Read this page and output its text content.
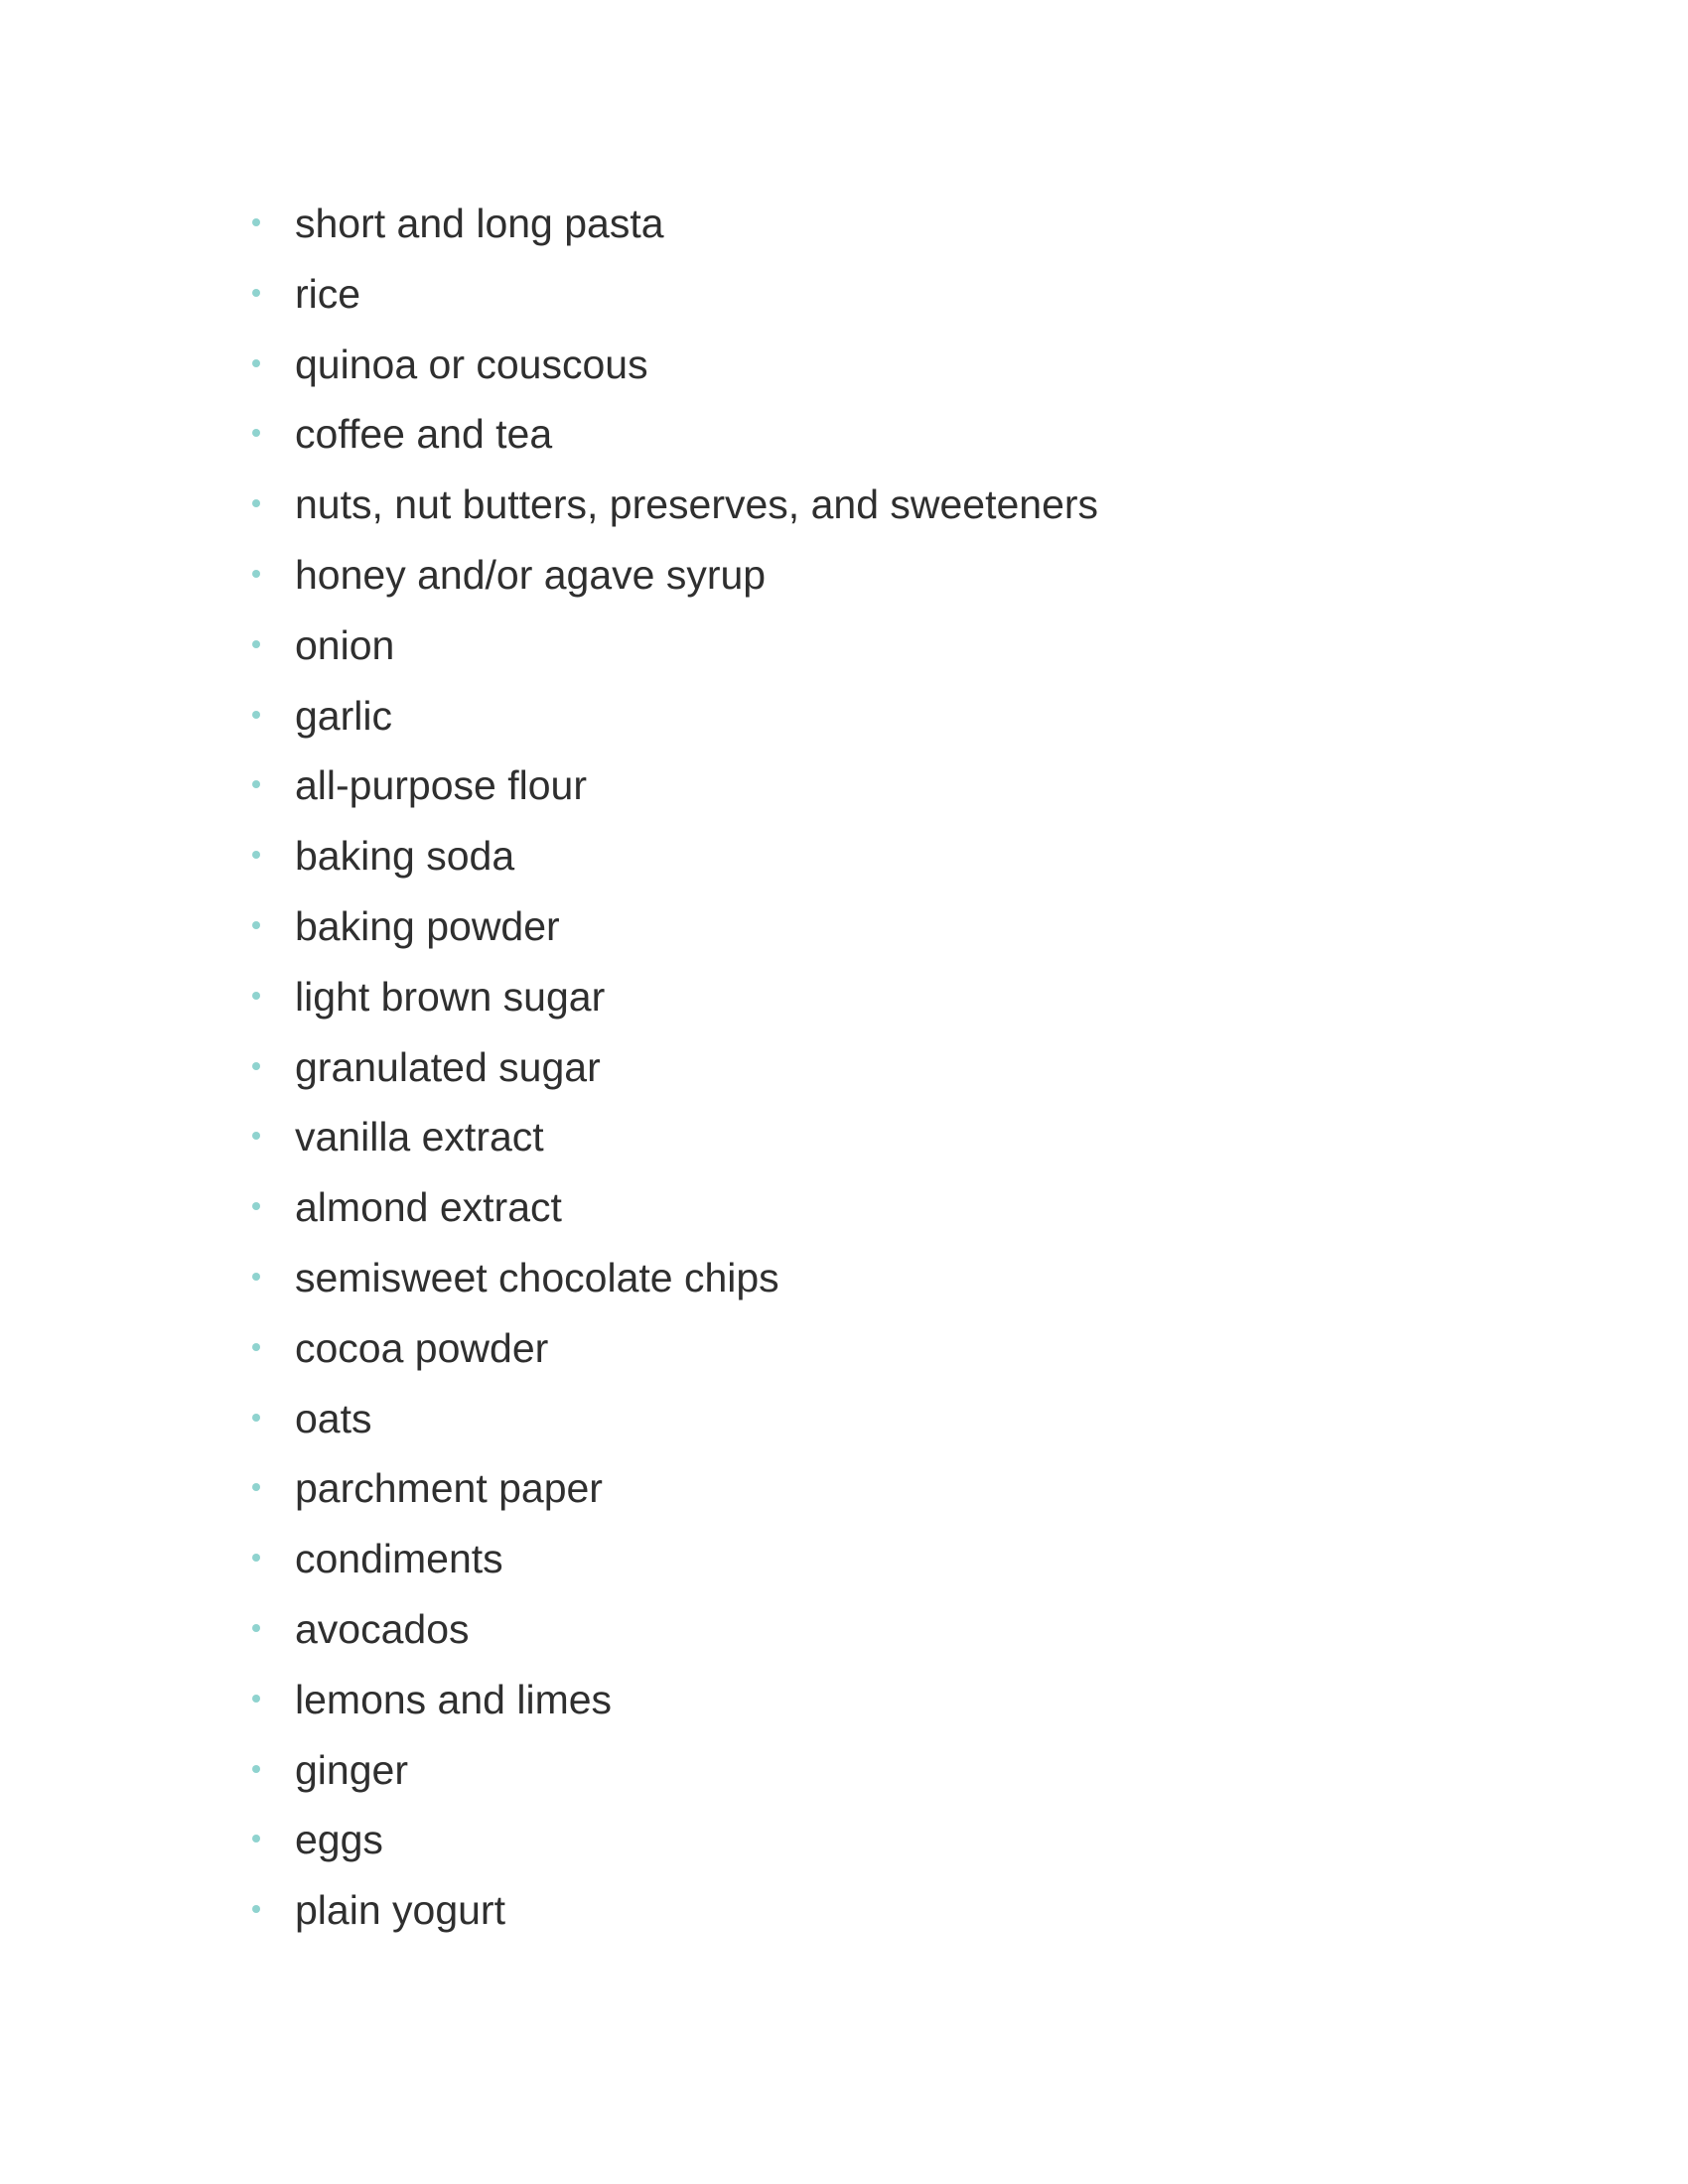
short and long pasta
rice
quinoa or couscous
coffee and tea
nuts, nut butters, preserves, and sweeteners
honey and/or agave syrup
onion
garlic
all-purpose flour
baking soda
baking powder
light brown sugar
granulated sugar
vanilla extract
almond extract
semisweet chocolate chips
cocoa powder
oats
parchment paper
condiments
avocados
lemons and limes
ginger
eggs
plain yogurt
